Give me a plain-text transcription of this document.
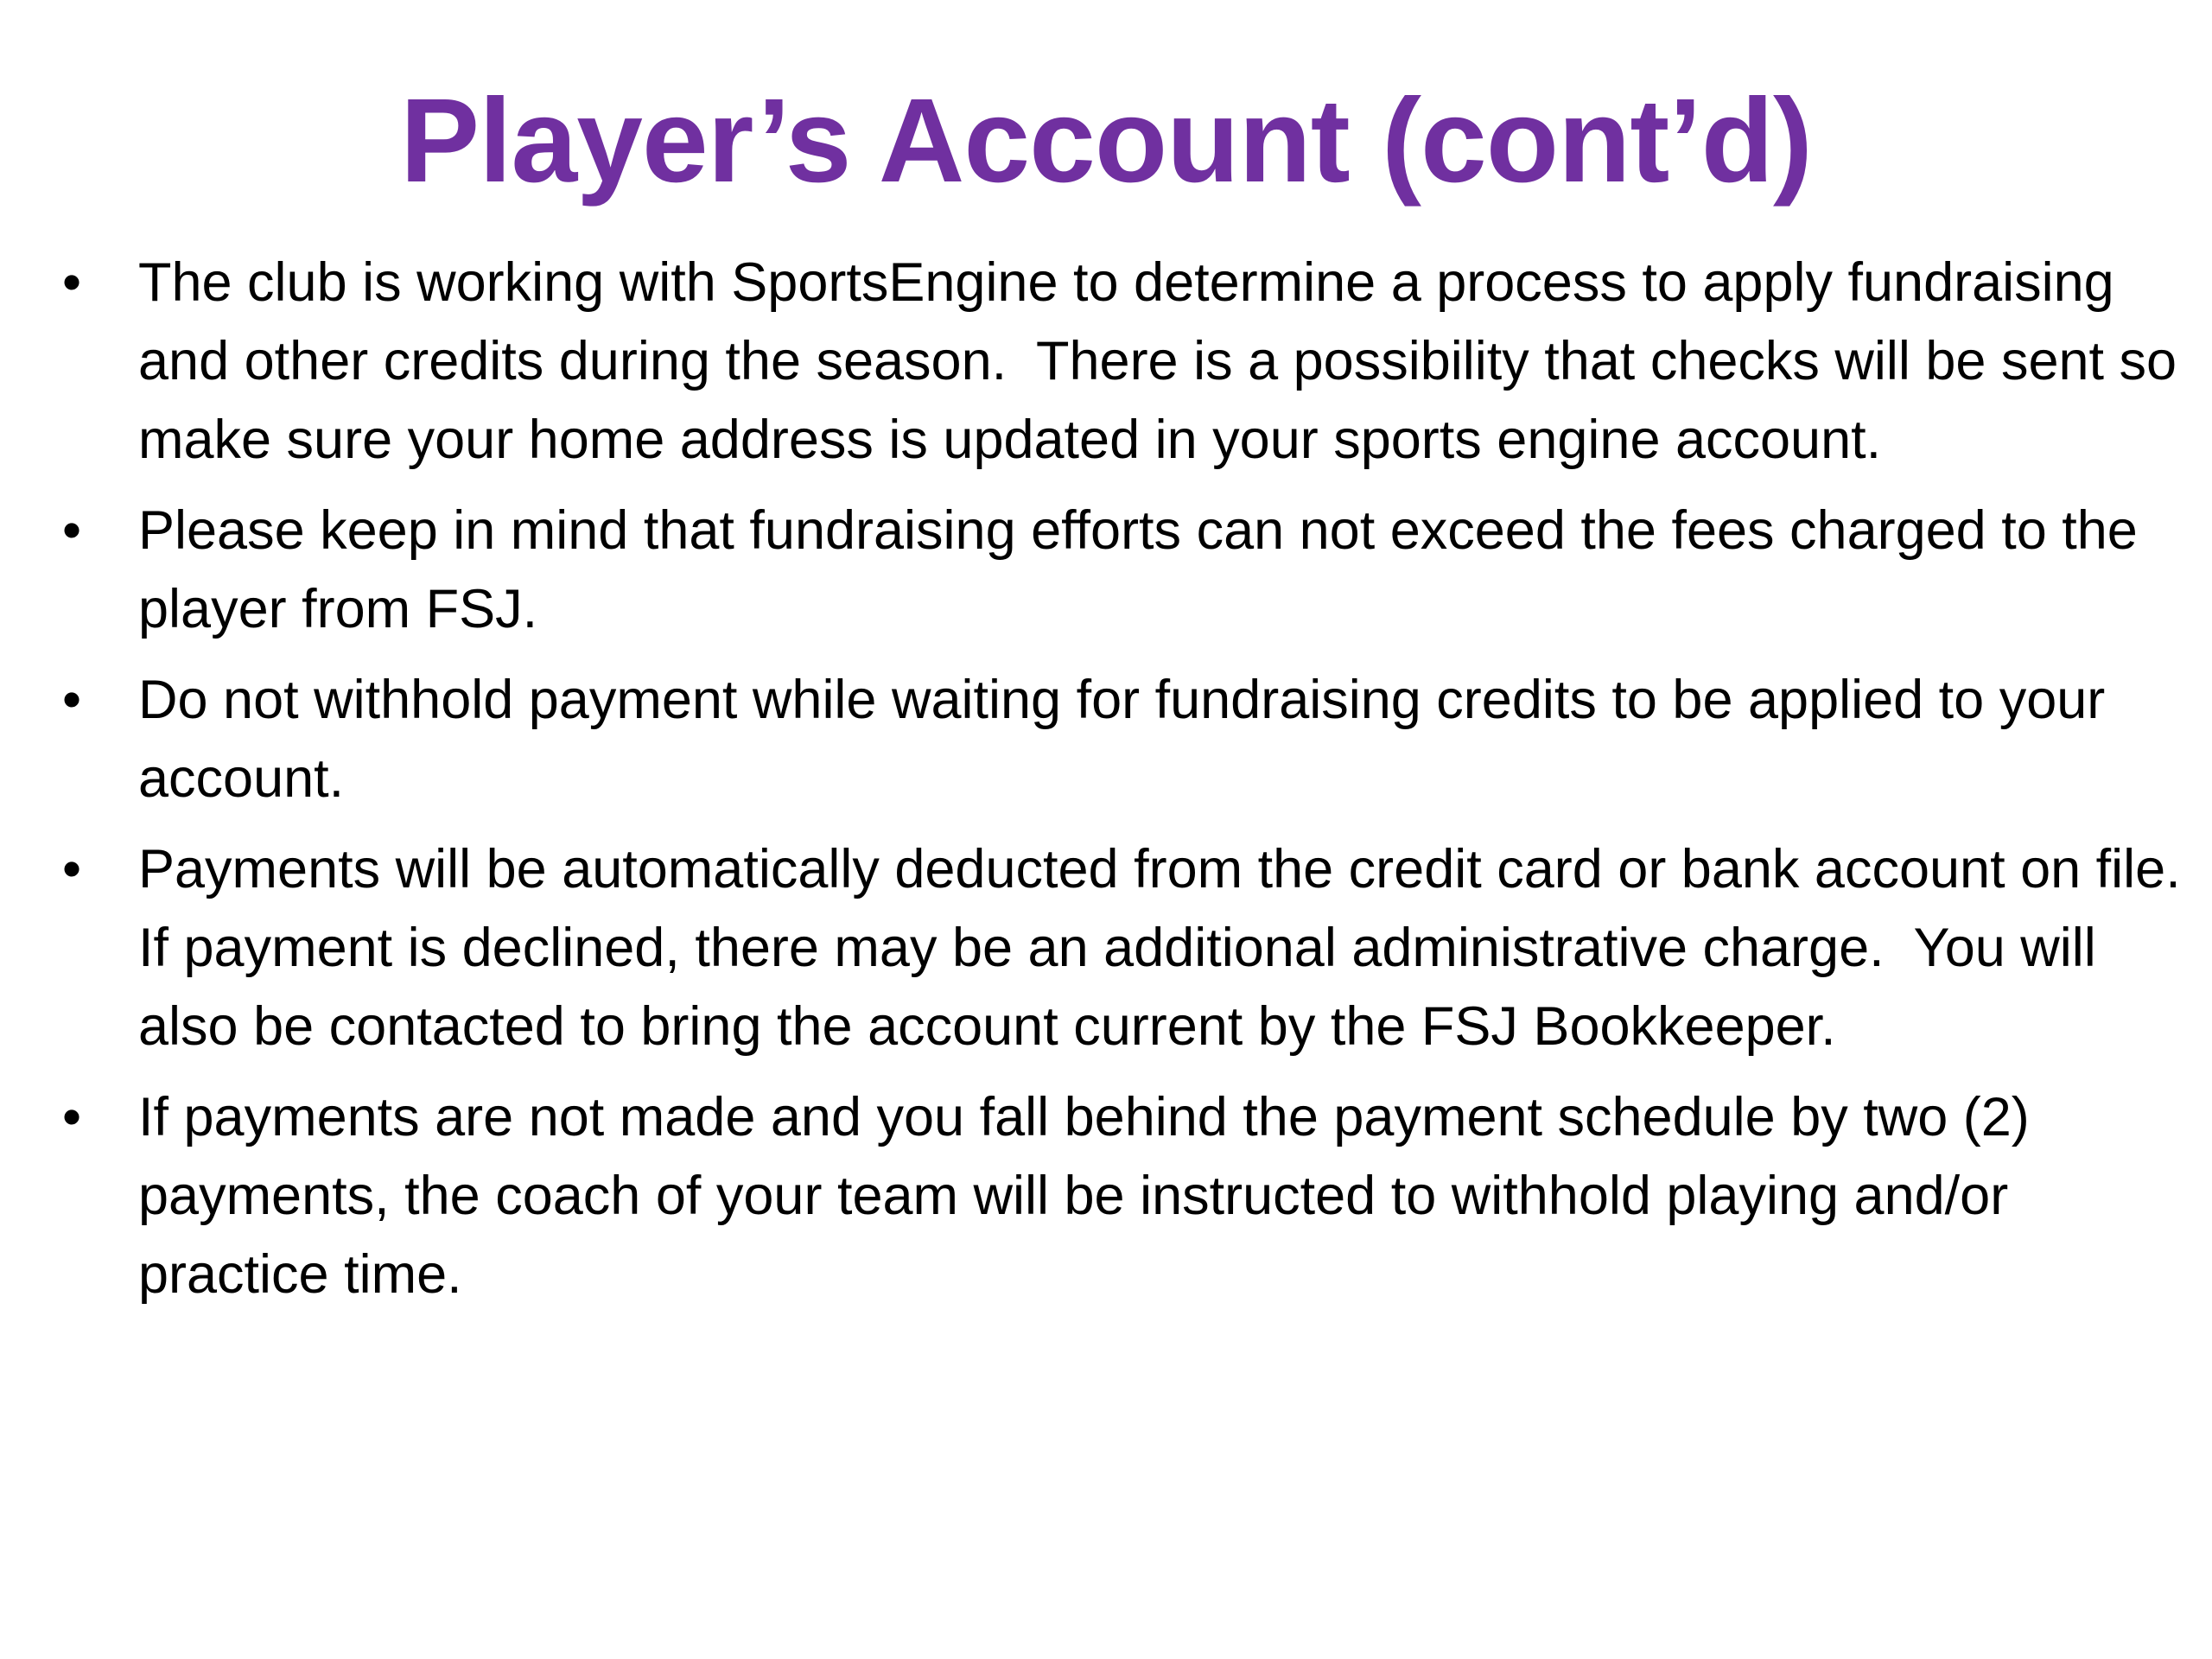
Player’s Account (cont’d)
•	The club is working with SportsEngine to determine a process to apply fundraising and other credits during the season.  There is a possibility that checks will be sent so make sure your home address is updated in your sports engine account.
•	Please keep in mind that fundraising efforts can not exceed the fees charged to the player from FSJ.
•	Do not withhold payment while waiting for fundraising credits to be applied to your account.
•	Payments will be automatically deducted from the credit card or bank account on file.  If payment is declined, there may be an additional administrative charge.  You will also be contacted to bring the account current by the FSJ Bookkeeper.
•	If payments are not made and you fall behind the payment schedule by two (2) payments, the coach of your team will be instructed to withhold playing and/or practice time.
